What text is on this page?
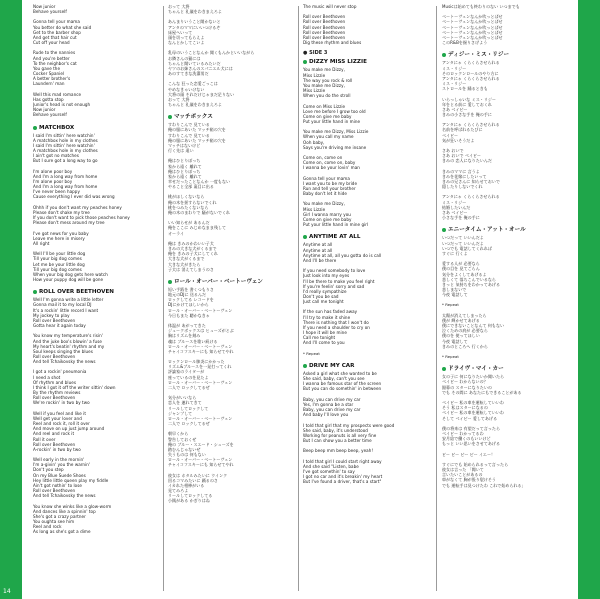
14
Now junior
Behave yourself

Gonna tell your mama
You better do what she said
Get to the barber shop
And get that hair cut
Cut off your head

Rude to the nannies
And you're better
To the neighbor's cat
You gave the
Cocker Spaniel
A better brother's
Laundern' man

Well this mad romance
Has gotta stop
Junior's head is not enough
Now junior
Behave yourself

MATCHBOX
I said I'm sittin' here watchin'
A matchbox hole in my clothes
I said I'm sittin' here watchin'
A matchbox hole in my clothes
I ain't got no matches
But I sure got a long way to go

I'm alone poor boy
And I'm a long way from home
I'm alone poor boy
And I'm a long way from home
I've never been happy
Cause everything I ever did was wrong

Ohhh if you don't want my peaches honey
Please don't shake my tree
If you don't want to pick those peaches honey
Please don't mess around my tree

I've got news for you baby
Leave me here in misery
All right

Well I'll be your little dog
Till your big dog comes
Let me be your little dog
Till your big dog comes
When your big dog gets here watch
How your puppy dog will be gone

ROLL OVER BEETHOVEN
Well I'm gonna write a little letter
Gonna mail it to my local DJ
It's a rockin' little record I want
My jockey to play
Roll over Beethoven
Gotta hear it again today

You know my temperature's risin'
And the juke box's blowin' a fuse
My heart's beatin' rhythm and my
Soul keeps singing the blues
Roll over Beethoven
And tell Tchaikovsky the news

I got a rockin' pneumonia
I need a shot
Of rhythm and blues
I think I got it off the writer sittin' down
By the rhythm reviews
Roll over Beethoven
We're rockin' in two by two

Well if you feel and like it
Well get your lover and
Reel and rock it, roll it over
And move on up just jump around
And reel and rock it
Roll it over
Roll over Beethoven
A-rockin' in two by two

Well early in the mornin'
I'm a-givin' you the warnin'
Don't you step
On my Blue Suede Shoes
Hey little little queen play my fiddle
Ain't got nothin' to lose
Roll over Beethoven
And tell Tchaikovsky the news

You know she winks like a glow-worm
And dances like a spinnin' top
She's got a crazy partner
You oughta see him
Reel and rock
As long as she's got a dime
おって 大将
ちゃんと 礼儀をわきまえろよ

あんまりいうこと聞かないと
アンタのママにいいつけるぞ
床屋へいって
頭を切ってもらえよ
なんとかしてこいよ

乳母のいうことなんか 聞くもんかといいながら
お隣さんの猫には
ちゃんと聞いているみたいだ
ヤツのお姉さんのスパニエル犬には
あのすてきな洗濯男だ

こんな 狂った恋愛ごっこは
やめなきゃいけない
大将の頭 それだけじゃまだ足りない
おって 大将
ちゃんと 礼儀をわきまえろよ

マッチボックス
すわりこんで 見ている
俺の服にあいた マッチ箱の穴を
すわりこんで 見ている
俺の服にあいた マッチ箱の穴を
マッチはないけど
行く先は 遠い

俺はひとりぼっち
家から遠く 離れて
俺はひとりぼっち
家から遠く 離れて
幸せだったことなんか 一度もない
やること全部 裏目に出る

桃がほしくないなら
俺の木を揺すらないでくれ
桃をつみたくないなら
俺の木のまわりで 騒がないでくれ

いい知らせが あるんだ
俺をここに みじめなまま残して
オーライ

俺は きみのかわいい子犬
きみの大きな犬がくるまで
俺を きみの子犬にしてくれ
大きな犬がくるまで
大きな犬がきたら
子犬は 消えてしまうのさ

ロール・オーバー・ベートーヴェン
短い手紙を 書くつもりさ
地元のDJに 送るんだ
ロックしてる レコードを
DJにかけてほしいから
ロール・オーバー・ベートーヴェン
今日もまた 聴かなきゃ

体温が あがってきた
ジュークボックスは ヒューズがとぶ
胸はリズムを刻み
魂は ブルースを歌い続ける
ロール・オーバー・ベートーヴェン
チャイコフスキーにも 知らせてやれ

ロックンロール肺炎にかかった
リズム&ブルースを一発打ってくれ
評論家のライターが
座っているのを見たよ
ロール・オーバー・ベートーヴェン
二人で ロックしてるぜ

気分がいいなら
恋人を 連れてきて
リールしてロックして
ジャンプして
ロール・オーバー・ベートーヴェン
二人で ロックしてるぜ

朝早くから
警告しておくぜ
俺の ブルー・スエード・シューズを
踏むんじゃないぜ
失うものは 何もない
ロール・オーバー・ベートーヴェン
チャイコフスキーにも 知らせてやれ

彼女は ホタルみたいに ウインク
回るコマみたいに 踊るのさ
イカれた相棒がいる
見てみろよ
リールしてロックしてる
小銭がある かぎりはね
The music will never stop

Roll over Beethoven
Roll over Beethoven
Roll over Beethoven
Roll over Beethoven
Roll over Beethoven
Dig these rhythm and blues

● SIDE 3
DIZZY MISS LIZZIE
You make me Dizzy,
Miss Lizzie
The way you rock & roll
You make me Dizzy,
Miss Lizzie
When you do the stroll

Come on Miss Lizzie
Love me before I grow too old
Come on give me baby
Put your little hand in mine

You make me Dizzy, Miss Lizzie
When you call my name
Ooh baby,
Says you're driving me insane

Come on, come on
Come on, come on, baby
I wanna be your lovin' man

Gonna tell your mama
I want you to be my bride
Run and tell your brother
Baby don't let it hide

You make me Dizzy,
Miss Lizzie
Girl I wanna marry you
Come on give me baby
Put your little hand in mine girl

ANYTIME AT ALL
Anytime at all
Anytime at all
Anytime at all, all you gotta do is call
And I'll be there

If you need somebody to love
Just look into my eyes
I'll be there to make you feel right
If you're feelin' sorry and sad
I'd really sympathize
Don't you be sad
Just call me tonight

If the sun has faded away
I'll try to make it shine
There is nothing that I won't do
If you need a shoulder to cry on
I hope it will be mine
Call me tonight
And I'll come to you

* Repeat

DRIVE MY CAR
Asked a girl what she wanted to be
She said, baby, can't you see
I wanna be famous star of the screen
But you can do somethin' in between

Baby, you can drive my car
Yes, I'm gonna be a star
Baby, you can drive my car
And baby I'll love you

I told that girl that my prospects were good
She said, baby, it's understood
Working for peanuts is all very fine
But I can show you a better time

Beep beep mm beep beep, yeah!

I told that girl I could start right away
And she said "Listen, babe
I've got somethin' to say
I got no car and it's breakin' my heart
But I've found a driver, that's a start"
Musicは始めても終わりのない いつまでも

ベートーヴェンなんか吹っとばせ
ベートーヴェンなんか吹っとばせ
ベートーヴェンなんか吹っとばせ
ベートーヴェンなんか吹っとばせ
ベートーヴェンなんか吹っとばせ
このR&Bを掘りさげよう

ディジー・ミス・リジー
アンタにゃ くらくらさせられる
ミス・リジー
そのロックンロールのやり方に
アンタにゃ くらくらさせられる
ミス・リジー
ストロールを 踊るときも

いらっしゃいな ミス・リジー
年をとる前に 愛しておくれ
さあ ベイビー
きみの小さな手を 俺の手に

アンタにゃ くらくらさせられる
名前を呼ばれるたびに
ベイビー
気が狂いそうだよ

さあ おいで
さあ おいで ベイビー
きみの 恋人になりたいんだ

きみのママに 言うよ
きみを花嫁にしたいって
きみの兄さんに 知らせておいで
隠したりしないでくれ

アンタにゃ くらくらさせられる
ミス・リジー
結婚したいんだ
さあ ベイビー
小さな手を 俺の手に

エニータイム・アット・オール
いつだって いいんだよ
いつだって いいんだよ
いつでも 電話してくれれば
すぐに 行くよ

愛する人が 必要なら
僕の目を 見てごらん
気分をよくしてあげるよ
悲しくて 落ちこんでいるなら
きっと 気持ちをわかってあげる
悲しまないで
今夜 電話して

* Repeat

太陽が消えてしまったら
僕が 輝かせてあげる
僕にできないことなんて 何もない
泣くための肩が 必要なら
僕のを 使ってほしい
今夜 電話して
きみのところへ 行くから

* Repeat

ドライヴ・マイ・カー
女の子に 何になりたいか聞いたら
ベイビー わからないの？
銀幕の スターになりたいの
でも その間に あなたにもできることがある

ベイビー 私の車を運転していいわ
そう 私はスターになるの
ベイビー 私の車を運転していいわ
そして ベイビー 愛してあげる

僕の将来は 有望だって言ったら
ベイビー わかってるわ
安月給で働くのもいいけど
もっと いい思いをさせてあげる

ビー ビー ビー ビー イエー！

すぐにでも 始められるって言ったら
彼女は言った 「聞いて
言いたいことがあるの
車がなくて 胸が張り裂けそう
でも 運転手は見つけたわ これで始められる」
